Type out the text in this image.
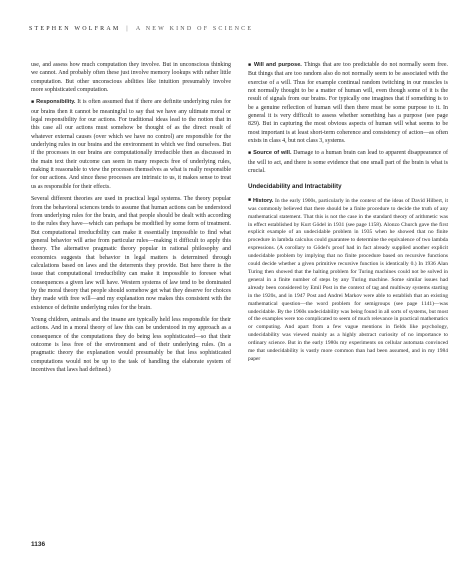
STEPHEN WOLFRAM | A NEW KIND OF SCIENCE

use, and assess how much computation they involve. But in unconscious thinking we cannot. And probably often these just involve memory lookups with rather little computation. But other unconscious abilities like intuition presumably involve more sophisticated computation.

■ Responsibility. It is often assumed that if there are definite underlying rules for our brains then it cannot be meaningful to say that we have any ultimate moral or legal responsibility for our actions. For traditional ideas lead to the notion that in this case all our actions must somehow be thought of as the direct result of whatever external causes (over which we have no control) are responsible for the underlying rules in our brains and the environment in which we find ourselves. But if the processes in our brains are computationally irreducible then as discussed in the main text their outcome can seem in many respects free of underlying rules, making it reasonable to view the processes themselves as what is really responsible for our actions. And since these processes are intrinsic to us, it makes sense to treat us as responsible for their effects.

Several different theories are used in practical legal systems. The theory popular from the behavioral sciences tends to assume that human actions can be understood from underlying rules for the brain, and that people should be dealt with according to the rules they have—which can perhaps be modified by some form of treatment. But computational irreducibility can make it essentially impossible to find what general behavior will arise from particular rules—making it difficult to apply this theory. The alternative pragmatic theory popular in rational philosophy and economics suggests that behavior in legal matters is determined through calculations based on laws and the deterrents they provide. But here there is the issue that computational irreducibility can make it impossible to foresee what consequences a given law will have. Western systems of law tend to be dominated by the moral theory that people should somehow get what they deserve for choices they made with free will—and my explanation now makes this consistent with the existence of definite underlying rules for the brain.

Young children, animals and the insane are typically held less responsible for their actions. And in a moral theory of law this can be understood in my approach as a consequence of the computations they do being less sophisticated—so that their outcome is less free of the environment and of their underlying rules. (In a pragmatic theory the explanation would presumably be that less sophisticated computations would not be up to the task of handling the elaborate system of incentives that laws had defined.)

■ Will and purpose. Things that are too predictable do not normally seem free. But things that are too random also do not normally seem to be associated with the exercise of a will. Thus for example continual random twitching in our muscles is not normally thought to be a matter of human will, even though some of it is the result of signals from our brains. For typically one imagines that if something is to be a genuine reflection of human will then there must be some purpose to it. In general it is very difficult to assess whether something has a purpose (see page 829). But in capturing the most obvious aspects of human will what seems to be most important is at least short-term coherence and consistency of action—as often exists in class 4, but not class 3, systems.

■ Source of will. Damage to a human brain can lead to apparent disappearance of the will to act, and there is some evidence that one small part of the brain is what is crucial.

Undecidability and Intractability

■ History. In the early 1900s, particularly in the context of the ideas of David Hilbert, it was commonly believed that there should be a finite procedure to decide the truth of any mathematical statement. That this is not the case in the standard theory of arithmetic was in effect established by Kurt Gödel in 1931 (see page 1158). Alonzo Church gave the first explicit example of an undecidable problem in 1935 when he showed that no finite procedure in lambda calculus could guarantee to determine the equivalence of two lambda expressions. (A corollary to Gödel's proof had in fact already supplied another explicit undecidable problem by implying that no finite procedure based on recursive functions could decide whether a given primitive recursive function is identically 0.) In 1936 Alan Turing then showed that the halting problem for Turing machines could not be solved in general in a finite number of steps by any Turing machine. Some similar issues had already been considered by Emil Post in the context of tag and multiway systems starting in the 1920s, and in 1947 Post and Andrei Markov were able to establish that an existing mathematical question—the word problem for semigroups (see page 1141)—was undecidable. By the 1960s undecidability was being found in all sorts of systems, but most of the examples were too complicated to seem of much relevance in practical mathematics or computing. And apart from a few vague mentions in fields like psychology, undecidability was viewed mainly as a highly abstract curiosity of no importance to ordinary science. But in the early 1980s my experiments on cellular automata convinced me that undecidability is vastly more common than had been assumed, and in my 1984 paper

1136
